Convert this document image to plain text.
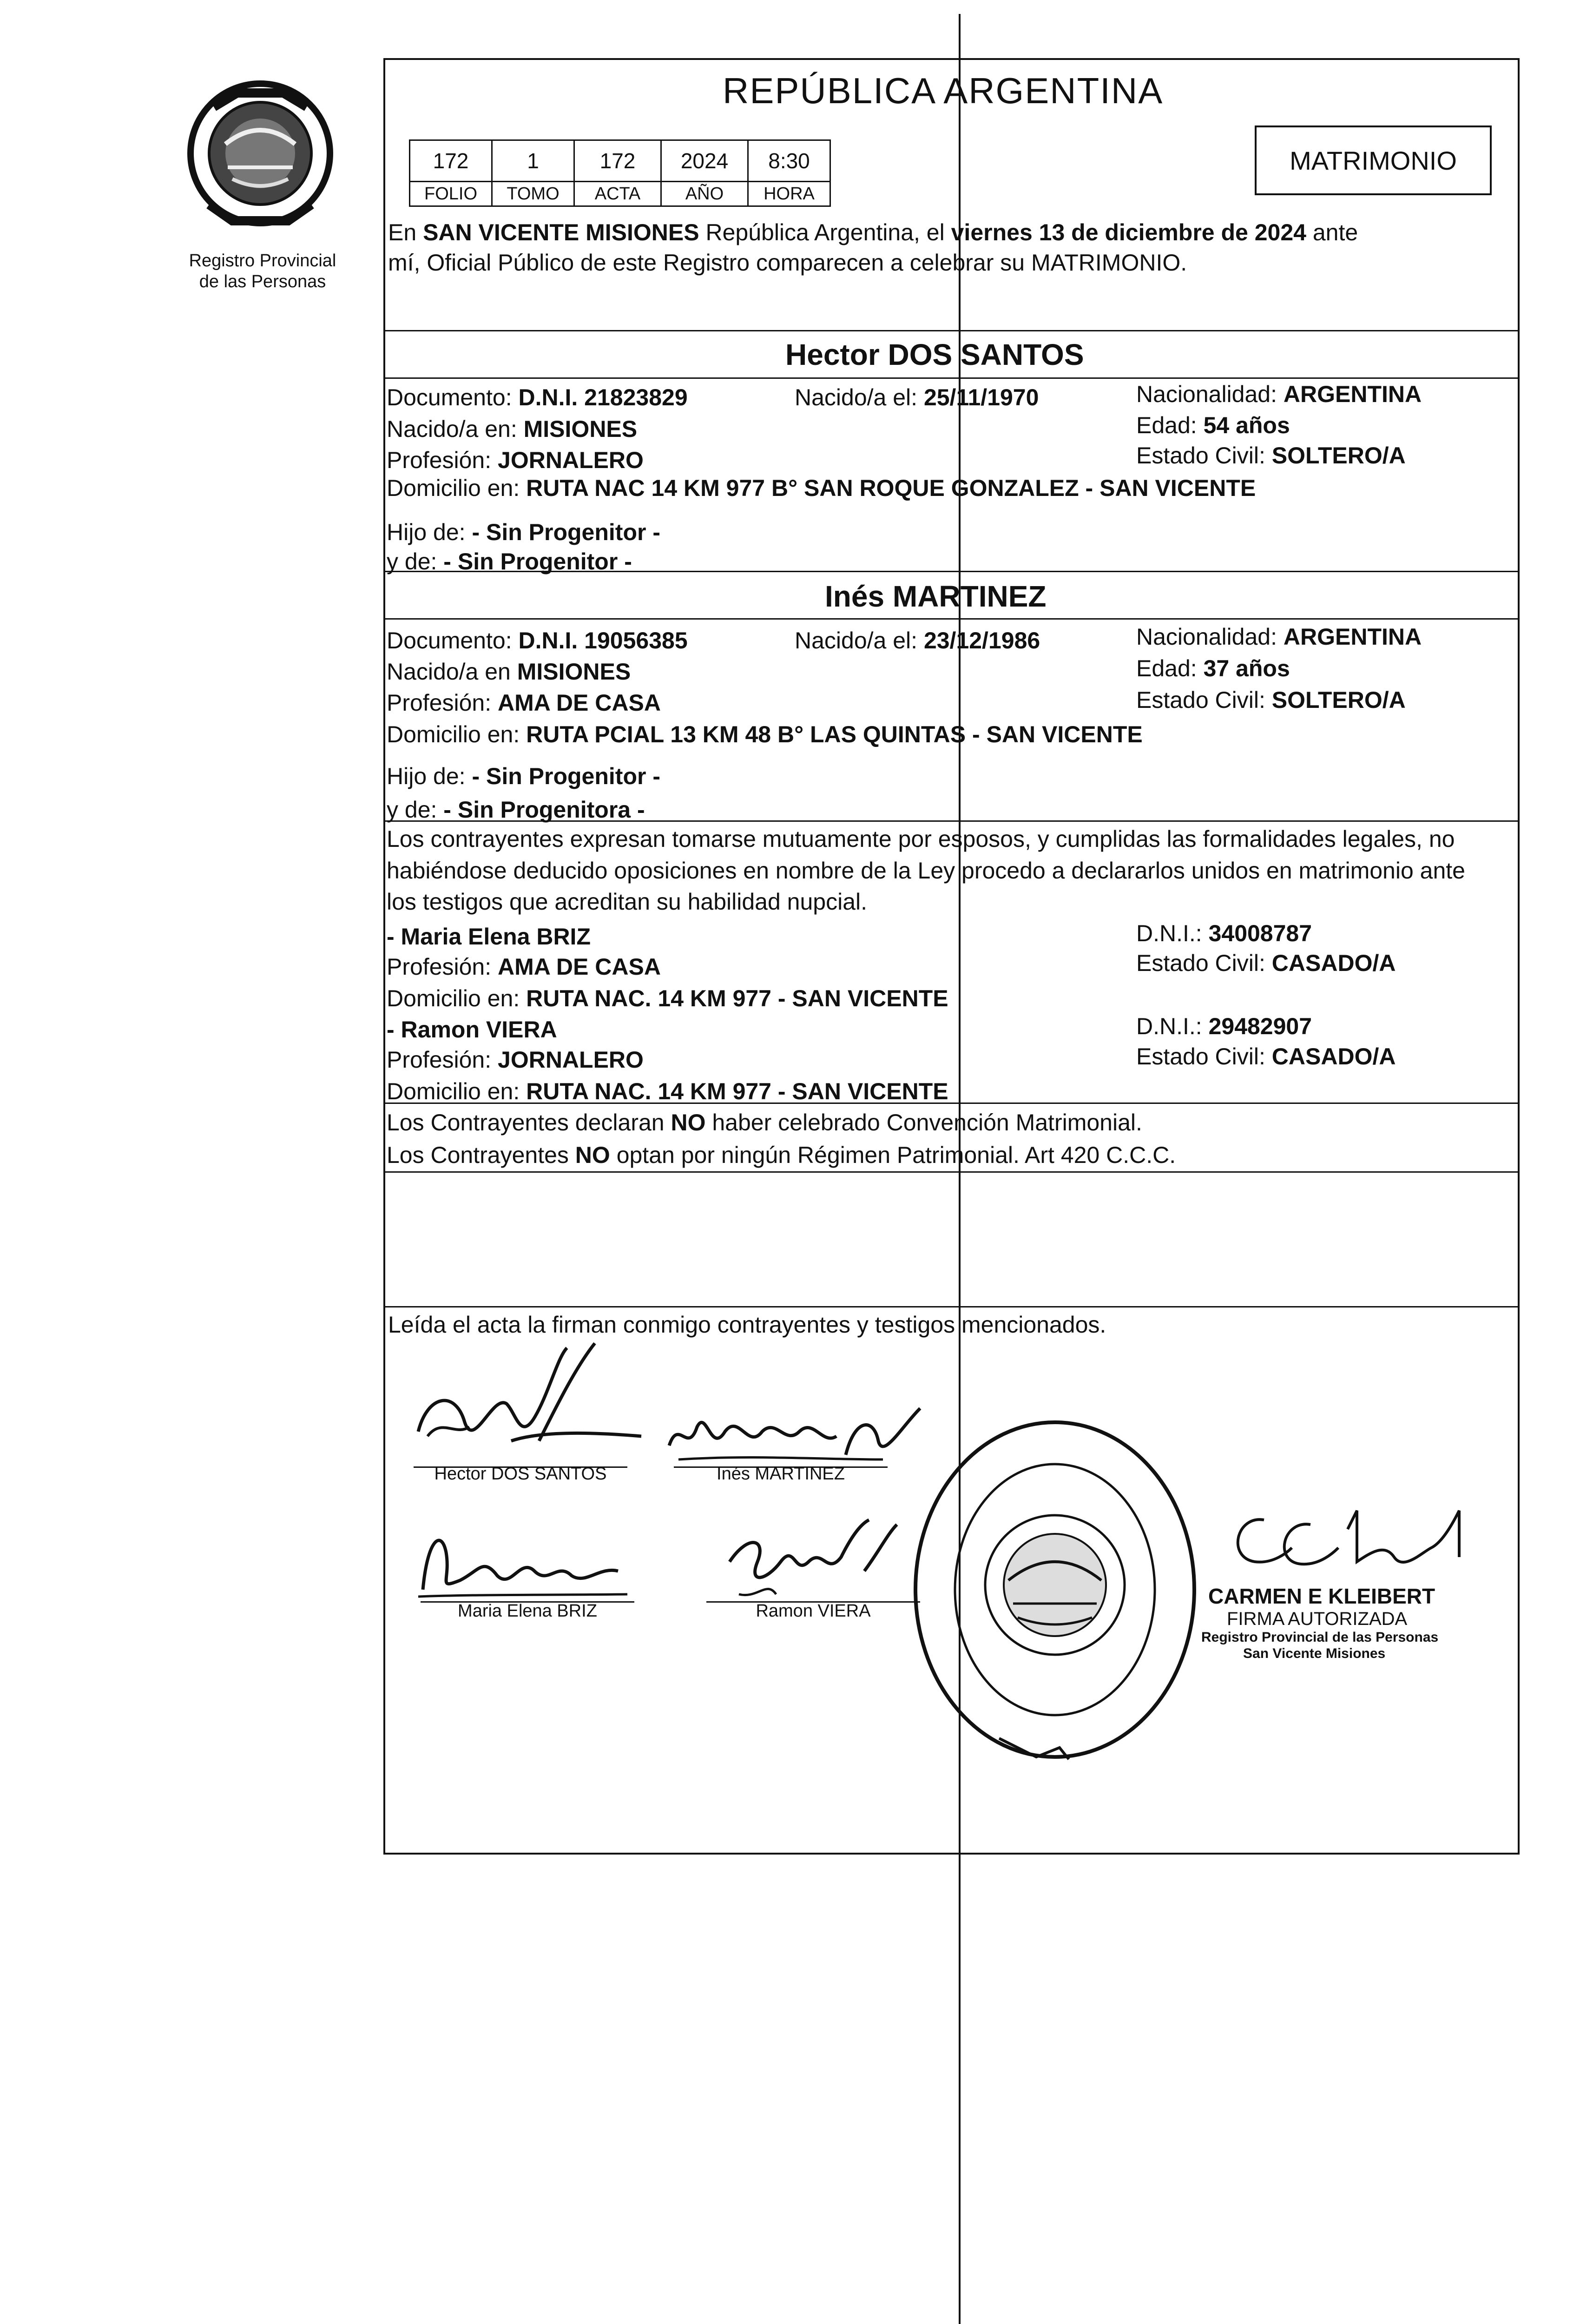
Registro Provincial
de las Personas
REPÚBLICA ARGENTINA
172	1	172	2024	8:30
FOLIO	TOMO	ACTA	AÑO	HORA
MATRIMONIO
En SAN VICENTE MISIONES República Argentina, el viernes 13 de diciembre de 2024 ante
mí, Oficial Público de este Registro comparecen a celebrar su MATRIMONIO.
Hector DOS SANTOS
Documento: D.N.I. 21823829	Nacido/a el: 25/11/1970	Nacionalidad: ARGENTINA
Nacido/a en: MISIONES	Edad: 54 años
Profesión: JORNALERO	Estado Civil: SOLTERO/A
Domicilio en: RUTA NAC 14 KM 977 B° SAN ROQUE GONZALEZ - SAN VICENTE
Hijo de: - Sin Progenitor -
y de: - Sin Progenitor -
Inés MARTINEZ
Documento: D.N.I. 19056385	Nacido/a el: 23/12/1986	Nacionalidad: ARGENTINA
Nacido/a en MISIONES	Edad: 37 años
Profesión: AMA DE CASA	Estado Civil: SOLTERO/A
Domicilio en: RUTA PCIAL 13 KM 48 B° LAS QUINTAS - SAN VICENTE
Hijo de: - Sin Progenitor -
y de: - Sin Progenitora -
Los contrayentes expresan tomarse mutuamente por esposos, y cumplidas las formalidades legales, no
habiéndose deducido oposiciones en nombre de la Ley procedo a declararlos unidos en matrimonio ante
los testigos que acreditan su habilidad nupcial.
- Maria Elena BRIZ	D.N.I.: 34008787
Profesión: AMA DE CASA	Estado Civil: CASADO/A
Domicilio en: RUTA NAC. 14 KM 977 - SAN VICENTE
- Ramon VIERA	D.N.I.: 29482907
Profesión: JORNALERO	Estado Civil: CASADO/A
Domicilio en: RUTA NAC. 14 KM 977 - SAN VICENTE
Los Contrayentes declaran NO haber celebrado Convención Matrimonial.
Los Contrayentes NO optan por ningún Régimen Patrimonial. Art 420 C.C.C.
Leída el acta la firman conmigo contrayentes y testigos mencionados.
Hector DOS SANTOS	Inés MARTINEZ
Maria Elena BRIZ	Ramon VIERA
CARMEN E KLEIBERT
FIRMA AUTORIZADA
Registro Provincial de las Personas
San Vicente Misiones
